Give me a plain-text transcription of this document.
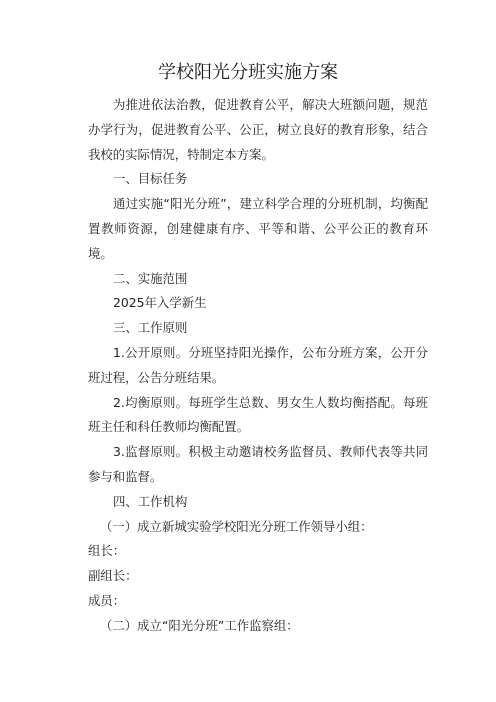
学校阳光分班实施方案

为推进依法治教，促进教育公平，解决大班额问题，规范办学行为，促进教育公平、公正，树立良好的教育形象，结合我校的实际情况，特制定本方案。

一、目标任务

通过实施“阳光分班”，建立科学合理的分班机制，均衡配置教师资源，创建健康有序、平等和谐、公平公正的教育环境。

二、实施范围

2025年入学新生

三、工作原则

1.公开原则。分班坚持阳光操作，公布分班方案，公开分班过程，公告分班结果。

2.均衡原则。每班学生总数、男女生人数均衡搭配。每班班主任和科任教师均衡配置。

3.监督原则。积极主动邀请校务监督员、教师代表等共同参与和监督。

四、工作机构

（一）成立新城实验学校阳光分班工作领导小组：

组长：

副组长：

成员：

（二）成立“阳光分班”工作监察组：
